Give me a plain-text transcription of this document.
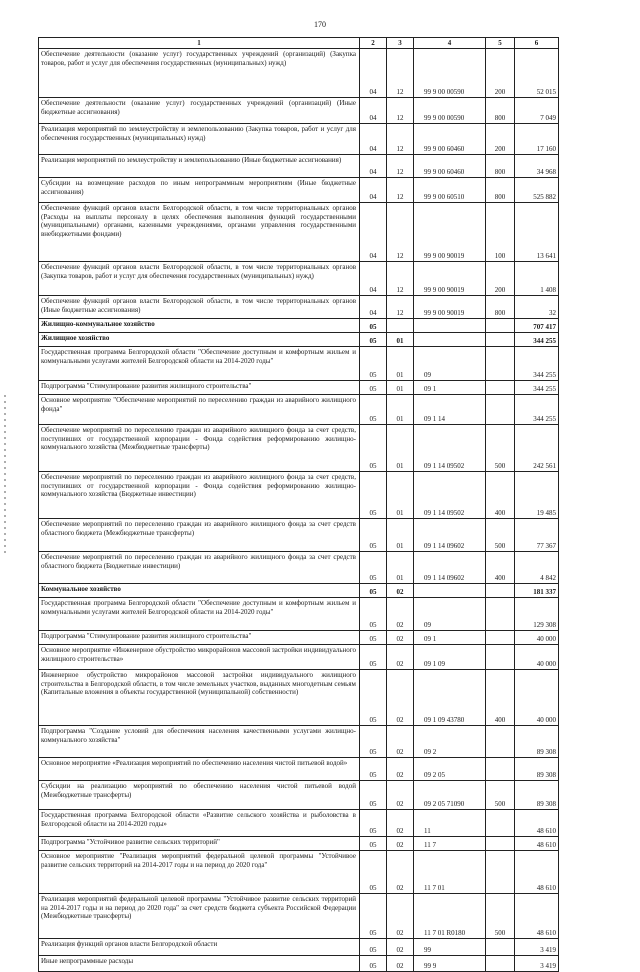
170
1	2	3	4	5	6
Обеспечение деятельности (оказание услуг) государственных учреждений (организаций) (Закупка товаров, работ и услуг для обеспечения государственных (муниципальных) нужд)	04	12	99 9 00 00590	200	52 015
Обеспечение деятельности (оказание услуг) государственных учреждений (организаций) (Иные бюджетные ассигнования)	04	12	99 9 00 00590	800	7 049
Реализация мероприятий по землеустройству и землепользованию (Закупка товаров, работ и услуг для обеспечения государственных (муниципальных) нужд)	04	12	99 9 00 60460	200	17 160
Реализация мероприятий по землеустройству и землепользованию (Иные бюджетные ассигнования)	04	12	99 9 00 60460	800	34 968
Субсидии на возмещение расходов по иным непрограммным мероприятиям (Иные бюджетные ассигнования)	04	12	99 9 00 60510	800	525 882
Обеспечение функций органов власти Белгородской области, в том числе территориальных органов (Расходы на выплаты персоналу в целях обеспечения выполнения функций государственными (муниципальными) органами, казенными учреждениями, органами управления государственными внебюджетными фондами)	04	12	99 9 00 90019	100	13 641
Обеспечение функций органов власти Белгородской области, в том числе территориальных органов (Закупка товаров, работ и услуг для обеспечения государственных (муниципальных) нужд)	04	12	99 9 00 90019	200	1 408
Обеспечение функций органов власти Белгородской области, в том числе территориальных органов (Иные бюджетные ассигнования)	04	12	99 9 00 90019	800	32
Жилищно-коммунальное хозяйство	05				707 417
Жилищное хозяйство	05	01			344 255
Государственная программа Белгородской области "Обеспечение доступным и комфортным жильем и коммунальными услугами жителей Белгородской области на 2014-2020 годы"	05	01	09		344 255
Подпрограмма "Стимулирование развития жилищного строительства"	05	01	09 1		344 255
Основное мероприятие "Обеспечение мероприятий по переселению граждан из аварийного жилищного фонда"	05	01	09 1 14		344 255
Обеспечение мероприятий по переселению граждан из аварийного жилищного фонда за счет средств, поступивших от государственной корпорации - Фонда содействия реформированию жилищно-коммунального хозяйства (Межбюджетные трансферты)	05	01	09 1 14 09502	500	242 561
Обеспечение мероприятий по переселению граждан из аварийного жилищного фонда за счет средств, поступивших от государственной корпорации - Фонда содействия реформированию жилищно-коммунального хозяйства (Бюджетные инвестиции)	05	01	09 1 14 09502	400	19 485
Обеспечение мероприятий по переселению граждан из аварийного жилищного фонда за счет средств областного бюджета (Межбюджетные трансферты)	05	01	09 1 14 09602	500	77 367
Обеспечение мероприятий по переселению граждан из аварийного жилищного фонда за счет средств областного бюджета (Бюджетные инвестиции)	05	01	09 1 14 09602	400	4 842
Коммунальное хозяйство	05	02			181 337
Государственная программа Белгородской области "Обеспечение доступным и комфортным жильем и коммунальными услугами жителей Белгородской области на 2014-2020 годы"	05	02	09		129 308
Подпрограмма "Стимулирование развития жилищного строительства"	05	02	09 1		40 000
Основное мероприятие «Инженерное обустройство микрорайонов массовой застройки индивидуального жилищного строительства»	05	02	09 1 09		40 000
Инженерное обустройство микрорайонов массовой застройки индивидуального жилищного строительства в Белгородской области, в том числе земельных участков, выданных многодетным семьям (Капитальные вложения в объекты государственной (муниципальной) собственности)	05	02	09 1 09 43780	400	40 000
Подпрограмма "Создание условий для обеспечения населения качественными услугами жилищно-коммунального хозяйства"	05	02	09 2		89 308
Основное мероприятие «Реализация мероприятий по обеспечению населения чистой питьевой водой»	05	02	09 2 05		89 308
Субсидии на реализацию мероприятий по обеспечению населения чистой питьевой водой (Межбюджетные трансферты)	05	02	09 2 05 71090	500	89 308
Государственная программа Белгородской области «Развитие сельского хозяйства и рыболовства в Белгородской области на 2014-2020 годы»	05	02	11		48 610
Подпрограмма "Устойчивое развитие сельских территорий"	05	02	11 7		48 610
Основное мероприятие "Реализация мероприятий федеральной целевой программы "Устойчивое развитие сельских территорий на 2014-2017 годы и на период до 2020 года"	05	02	11 7 01		48 610
Реализация мероприятий федеральной целевой программы "Устойчивое развитие сельских территорий на 2014-2017 годы и на период до 2020 года" за счет средств бюджета субъекта Российской Федерации (Межбюджетные трансферты)	05	02	11 7 01 R0180	500	48 610
Реализация функций органов власти Белгородской области	05	02	99		3 419
Иные непрограммные расходы	05	02	99 9		3 419
